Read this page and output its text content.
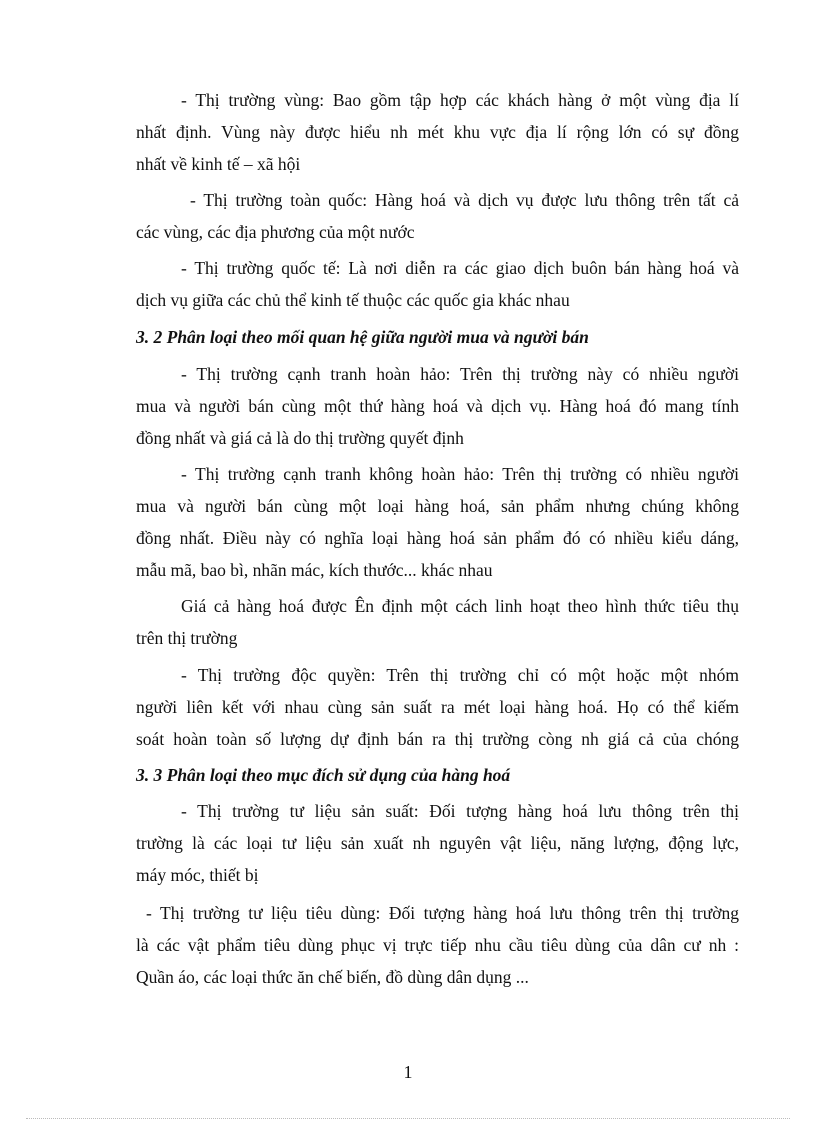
- Thị trường vùng: Bao gồm tập hợp các khách hàng ở một vùng địa lí
nhất định. Vùng này được hiểu nh mét khu vực địa lí rộng lớn có sự đồng
nhất về kinh tế – xã hội
- Thị trường toàn quốc: Hàng hoá và dịch vụ được lưu thông trên tất cả
các vùng, các địa phương của một nước
- Thị trường quốc tế: Là nơi diễn ra các giao dịch buôn bán hàng hoá và
dịch vụ giữa các chủ thể kinh tế thuộc các quốc gia khác nhau
3. 2 Phân loại theo mối quan hệ giữa người mua và người bán
- Thị trường cạnh tranh hoàn hảo: Trên thị trường này có nhiều người
mua và người bán cùng một thứ hàng hoá và dịch vụ. Hàng hoá đó mang tính
đồng nhất và giá cả là do thị trường quyết định
- Thị trường cạnh tranh không hoàn hảo: Trên thị trường có nhiều người
mua và người bán cùng một loại hàng hoá, sản phẩm nhưng chúng không
đồng nhất. Điều này có nghĩa loại hàng hoá sản phẩm đó có nhiều kiểu dáng,
mẫu mã, bao bì, nhãn mác, kích thước... khác nhau
Giá cả hàng hoá được Ên định một cách linh hoạt theo hình thức tiêu thụ
trên thị trường
- Thị trường độc quyền: Trên thị trường chỉ có một hoặc một nhóm
người liên kết với nhau cùng sản suất ra mét loại hàng hoá. Họ có thể kiếm
soát hoàn toàn số lượng dự định bán ra thị trường còng nh giá cả của chóng
3. 3 Phân loại theo mục đích sử dụng của hàng hoá
- Thị trường tư liệu sản suất: Đối tượng hàng hoá lưu thông trên thị
trường là các loại tư liệu sản xuất nh nguyên vật liệu, năng lượng, động lực,
máy móc, thiết bị
- Thị trường tư liệu tiêu dùng: Đối tượng hàng hoá lưu thông trên thị trường
là các vật phẩm tiêu dùng phục vị trực tiếp nhu cầu tiêu dùng của dân cư nh :
Quần áo, các loại thức ăn chế biến, đồ dùng dân dụng ...
1
